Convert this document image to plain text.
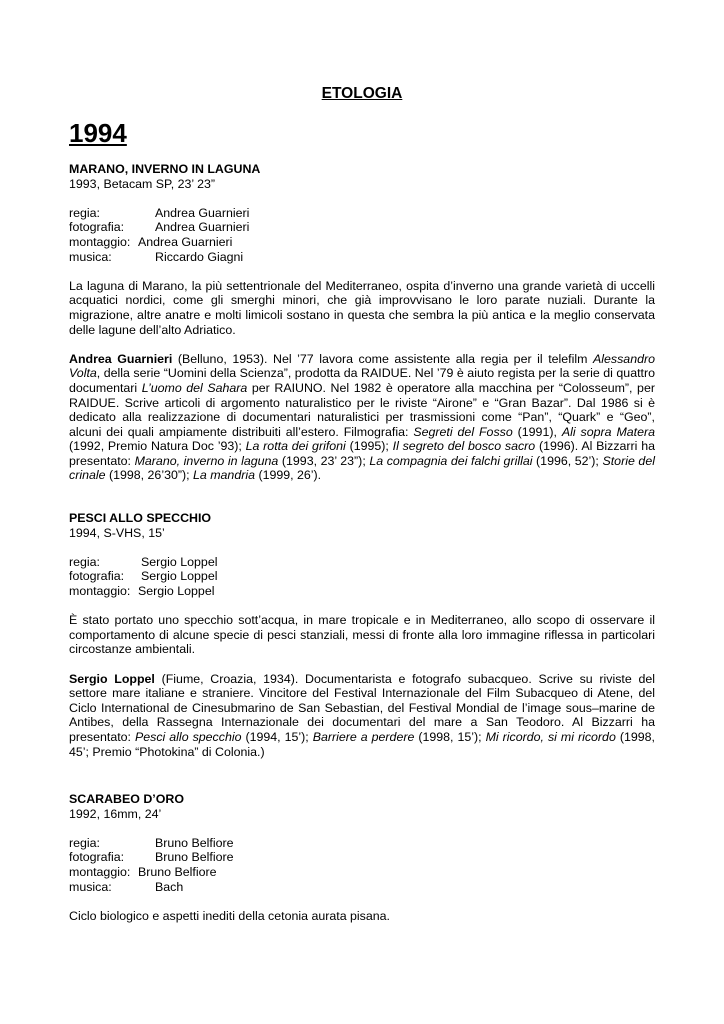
ETOLOGIA
1994
MARANO, INVERNO IN LAGUNA
1993, Betacam SP, 23’ 23”
regia:	Andrea Guarnieri
fotografia: Andrea Guarnieri
montaggio: Andrea Guarnieri
musica:	Riccardo Giagni

La laguna di Marano, la più settentrionale del Mediterraneo, ospita d’inverno una grande varietà di uccelli acquatici nordici, come gli smerghi minori, che già improvvisano le loro parate nuziali. Durante la migrazione, altre anatre e molti limicoli sostano in questa che sembra la più antica e la meglio conservata delle lagune dell’alto Adriatico.

Andrea Guarnieri (Belluno, 1953). Nel ’77 lavora come assistente alla regia per il telefilm Alessandro Volta, della serie “Uomini della Scienza”, prodotta da RAIDUE. Nel ’79 è aiuto regista per la serie di quattro documentari L’uomo del Sahara per RAIUNO. Nel 1982 è operatore alla macchina per “Colosseum”, per RAIDUE. Scrive articoli di argomento naturalistico per le riviste “Airone” e “Gran Bazar”. Dal 1986 si è dedicato alla realizzazione di documentari naturalistici per trasmissioni come “Pan”, “Quark” e “Geo”, alcuni dei quali ampiamente distribuiti all’estero. Filmografia: Segreti del Fosso (1991), Ali sopra Matera (1992, Premio Natura Doc ’93); La rotta dei grifoni (1995); Il segreto del bosco sacro (1996). Al Bizzarri ha presentato: Marano, inverno in laguna (1993, 23’ 23”); La compagnia dei falchi grillai (1996, 52’); Storie del crinale (1998, 26’30”); La mandria (1999, 26’).

PESCI ALLO SPECCHIO
1994, S-VHS, 15’
regia:	Sergio Loppel
fotografia: Sergio Loppel
montaggio: Sergio Loppel

È stato portato uno specchio sott’acqua, in mare tropicale e in Mediterraneo, allo scopo di osservare il comportamento di alcune specie di pesci stanziali, messi di fronte alla loro immagine riflessa in particolari circostanze ambientali.

Sergio Loppel (Fiume, Croazia, 1934). Documentarista e fotografo subacqueo. Scrive su riviste del settore mare italiane e straniere. Vincitore del Festival Internazionale del Film Subacqueo di Atene, del Ciclo International de Cinesubmarino de San Sebastian, del Festival Mondial de l’image sous–marine de Antibes, della Rassegna Internazionale dei documentari del mare a San Teodoro. Al Bizzarri ha presentato: Pesci allo specchio (1994, 15’); Barriere a perdere (1998, 15’); Mi ricordo, si mi ricordo (1998, 45’; Premio “Photokina” di Colonia.)

SCARABEO D’ORO
1992, 16mm, 24’
regia:	Bruno Belfiore
fotografia: Bruno Belfiore
montaggio: Bruno Belfiore
musica:	Bach

Ciclo biologico e aspetti inediti della cetonia aurata pisana.
